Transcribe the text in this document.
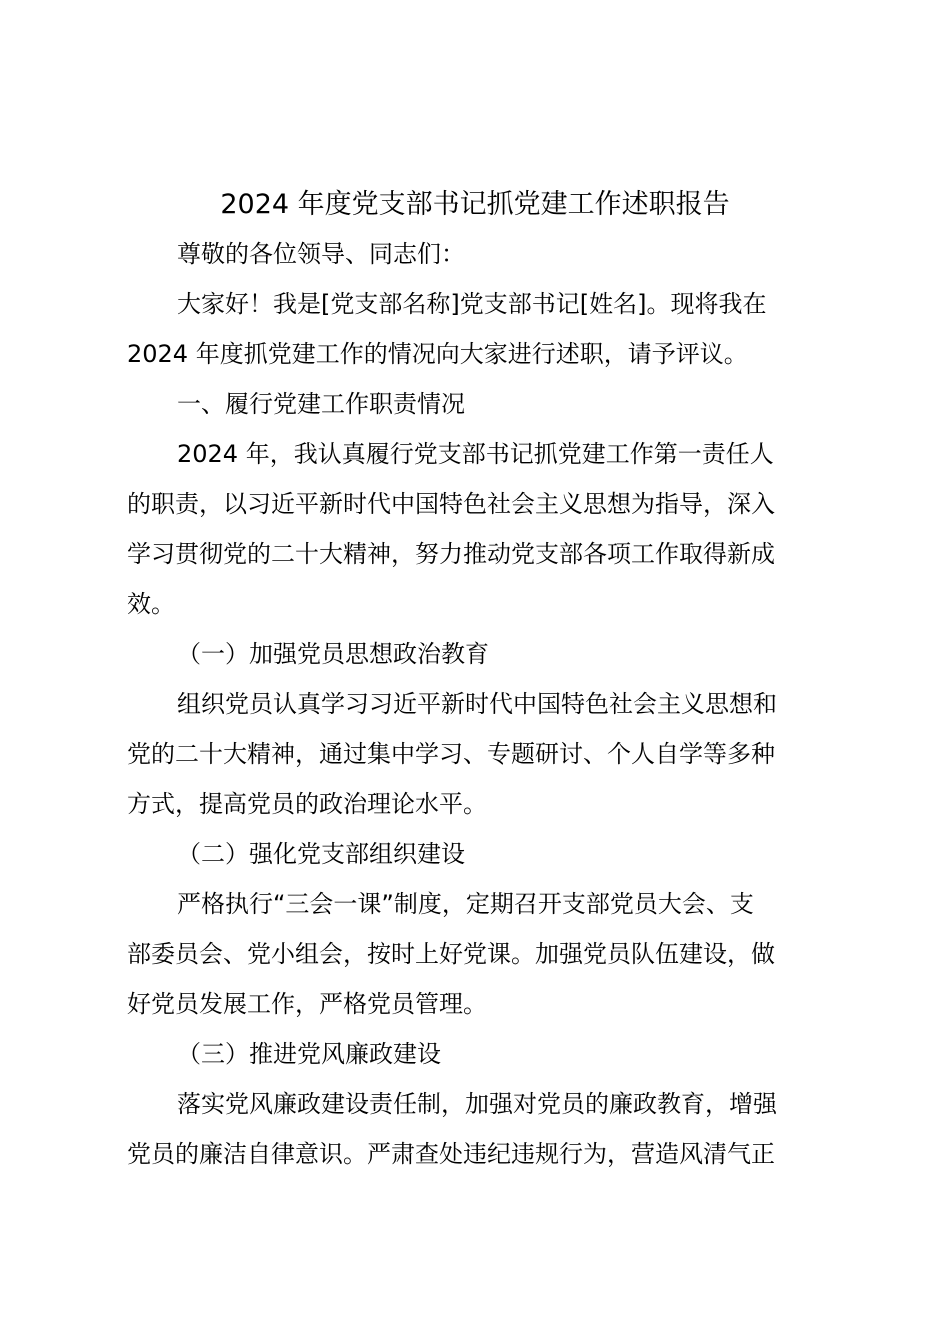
2024 年度党支部书记抓党建工作述职报告
尊敬的各位领导、同志们：
大家好！我是[党支部名称]党支部书记[姓名]。现将我在
2024 年度抓党建工作的情况向大家进行述职，请予评议。
一、履行党建工作职责情况
2024 年，我认真履行党支部书记抓党建工作第一责任人
的职责，以习近平新时代中国特色社会主义思想为指导，深入
学习贯彻党的二十大精神，努力推动党支部各项工作取得新成
效。
（一）加强党员思想政治教育
组织党员认真学习习近平新时代中国特色社会主义思想和
党的二十大精神，通过集中学习、专题研讨、个人自学等多种
方式，提高党员的政治理论水平。
（二）强化党支部组织建设
严格执行“三会一课”制度，定期召开支部党员大会、支
部委员会、党小组会，按时上好党课。加强党员队伍建设，做
好党员发展工作，严格党员管理。
（三）推进党风廉政建设
落实党风廉政建设责任制，加强对党员的廉政教育，增强
党员的廉洁自律意识。严肃查处违纪违规行为，营造风清气正
